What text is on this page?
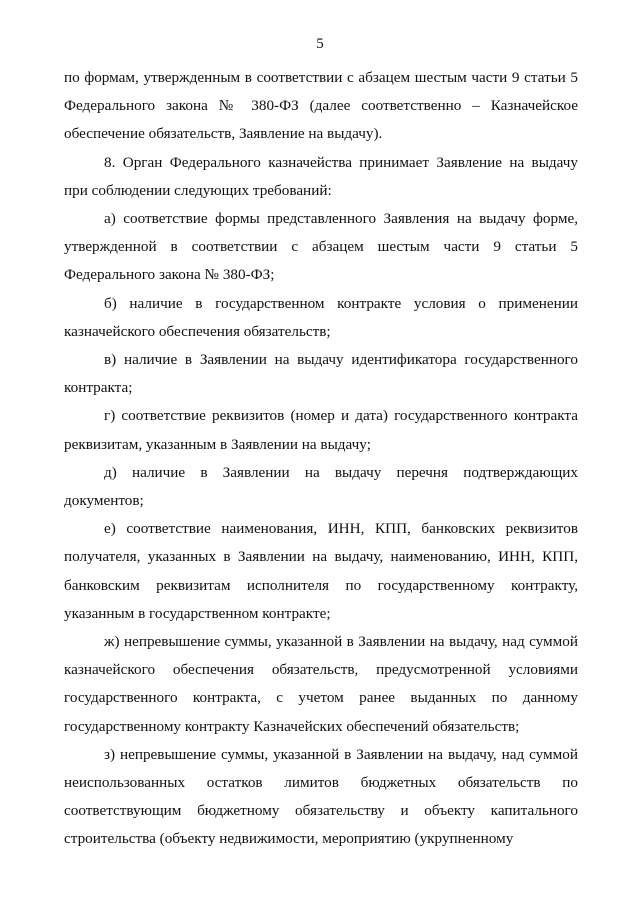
5

по формам, утвержденным в соответствии с абзацем шестым части 9 статьи 5 Федерального закона № 380-ФЗ (далее соответственно – Казначейское обеспечение обязательств, Заявление на выдачу).

8. Орган Федерального казначейства принимает Заявление на выдачу при соблюдении следующих требований:

а) соответствие формы представленного Заявления на выдачу форме, утвержденной в соответствии с абзацем шестым части 9 статьи 5 Федерального закона № 380-ФЗ;

б) наличие в государственном контракте условия о применении казначейского обеспечения обязательств;

в) наличие в Заявлении на выдачу идентификатора государственного контракта;

г) соответствие реквизитов (номер и дата) государственного контракта реквизитам, указанным в Заявлении на выдачу;

д) наличие в Заявлении на выдачу перечня подтверждающих документов;

е) соответствие наименования, ИНН, КПП, банковских реквизитов получателя, указанных в Заявлении на выдачу, наименованию, ИНН, КПП, банковским реквизитам исполнителя по государственному контракту, указанным в государственном контракте;

ж) непревышение суммы, указанной в Заявлении на выдачу, над суммой казначейского обеспечения обязательств, предусмотренной условиями государственного контракта, с учетом ранее выданных по данному государственному контракту Казначейских обеспечений обязательств;

з) непревышение суммы, указанной в Заявлении на выдачу, над суммой неиспользованных остатков лимитов бюджетных обязательств по соответствующим бюджетному обязательству и объекту капитального строительства (объекту недвижимости, мероприятию (укрупненному
